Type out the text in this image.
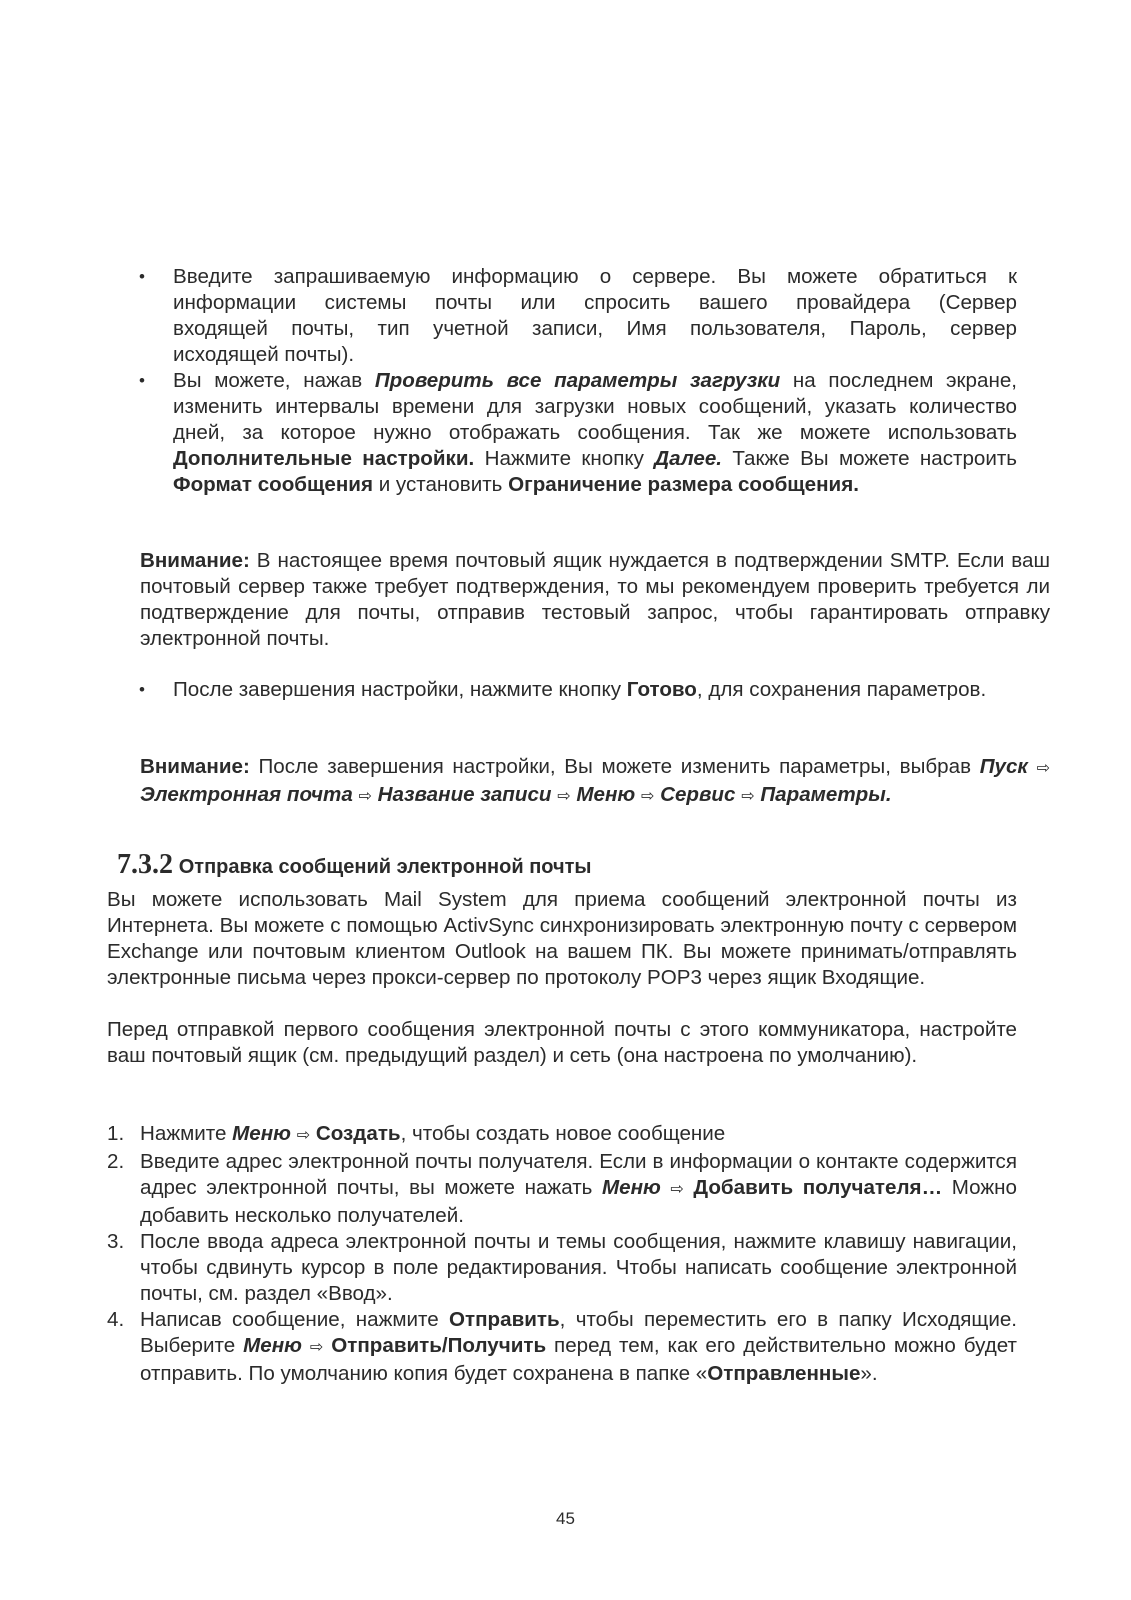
• Введите запрашиваемую информацию о сервере. Вы можете обратиться к
информации системы почты или спросить вашего провайдера (Сервер
входящей почты, тип учетной записи, Имя пользователя, Пароль, сервер
исходящей почты).
• Вы можете, нажав Проверить все параметры загрузки на последнем экране, изменить интервалы времени для загрузки новых сообщений, указать количество дней, за которое нужно отображать сообщения. Так же можете использовать Дополнительные настройки. Нажмите кнопку Далее. Также Вы можете настроить Формат сообщения и установить Ограничение размера сообщения.
Внимание: В настоящее время почтовый ящик нуждается в подтверждении SMTP. Если ваш почтовый сервер также требует подтверждения, то мы рекомендуем проверить требуется ли подтверждение для почты, отправив тестовый запрос, чтобы гарантировать отправку электронной почты.
• После завершения настройки, нажмите кнопку Готово, для сохранения параметров.
Внимание: После завершения настройки, Вы можете изменить параметры, выбрав Пуск ⇨ Электронная почта ⇨ Название записи ⇨ Меню ⇨ Сервис ⇨ Параметры.
7.3.2 Отправка сообщений электронной почты

Вы можете использовать Mail System для приема сообщений электронной почты из Интернета. Вы можете с помощью ActivSync синхронизировать электронную почту с сервером Exchange или почтовым клиентом Outlook на вашем ПК. Вы можете принимать/отправлять электронные письма через прокси-сервер по протоколу POP3 через ящик Входящие.

Перед отправкой первого сообщения электронной почты с этого коммуникатора, настройте ваш почтовый ящик (см. предыдущий раздел) и сеть (она настроена по умолчанию).

1. Нажмите Меню ⇨ Создать, чтобы создать новое сообщение
2. Введите адрес электронной почты получателя. Если в информации о контакте содержится адрес электронной почты, вы можете нажать Меню ⇨ Добавить получателя… Можно добавить несколько получателей.
3. После ввода адреса электронной почты и темы сообщения, нажмите клавишу навигации, чтобы сдвинуть курсор в поле редактирования. Чтобы написать сообщение электронной почты, см. раздел «Ввод».
4. Написав сообщение, нажмите Отправить, чтобы переместить его в папку Исходящие. Выберите Меню ⇨ Отправить/Получить перед тем, как его действительно можно будет отправить. По умолчанию копия будет сохранена в папке «Отправленные».
45
